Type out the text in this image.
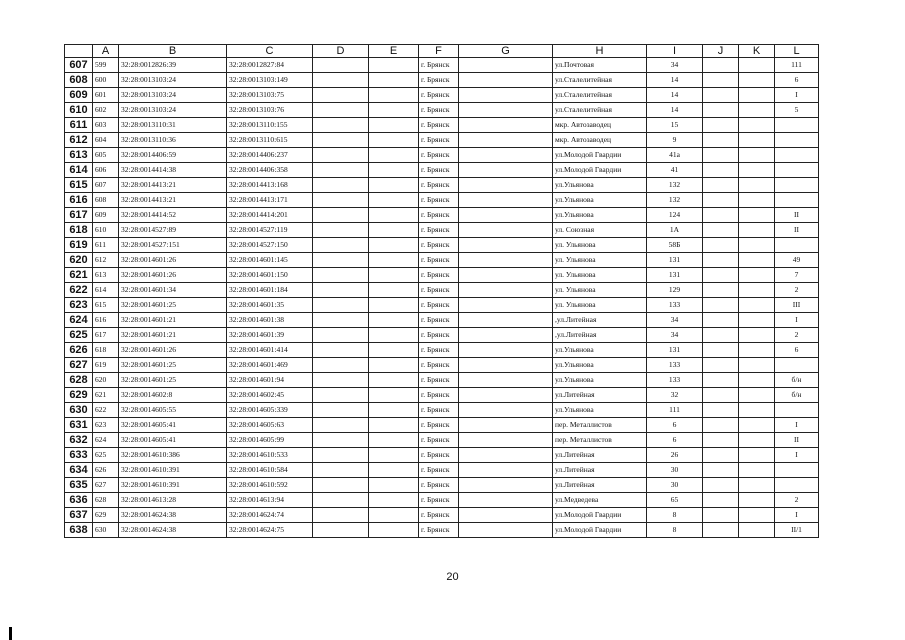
	A	B	C	D	E	F	G	H	I	J	K	L
607	599	32:28:0012826:39	32:28:0012827:84			г. Брянск		ул.Почтовая	34			111
608	600	32:28:0013103:24	32:28:0013103:149			г. Брянск		ул.Сталелитейная	14			6
609	601	32:28:0013103:24	32:28:0013103:75			г. Брянск		ул.Сталелитейная	14			I
610	602	32:28:0013103:24	32:28:0013103:76			г. Брянск		ул.Сталелитейная	14			5
611	603	32:28:0013110:31	32:28:0013110:155			г. Брянск		мкр. Автозаводец	15			
612	604	32:28:0013110:36	32:28:0013110:615			г. Брянск		мкр. Автозаводец	9			
613	605	32:28:0014406:59	32:28:0014406:237			г. Брянск		ул.Молодой Гвардии	41а			
614	606	32:28:0014414:38	32:28:0014406:358			г. Брянск		ул.Молодой Гвардии	41			
615	607	32:28:0014413:21	32:28:0014413:168			г. Брянск		ул.Ульянова	132			
616	608	32:28:0014413:21	32:28:0014413:171			г. Брянск		ул.Ульянова	132			
617	609	32:28:0014414:52	32:28:0014414:201			г. Брянск		ул.Ульянова	124			II
618	610	32:28:0014527:89	32:28:0014527:119			г. Брянск		ул. Союзная	1А			II
619	611	32:28:0014527:151	32:28:0014527:150			г. Брянск		ул. Ульянова	58Б			
620	612	32:28:0014601:26	32:28:0014601:145			г. Брянск		ул. Ульянова	131			49
621	613	32:28:0014601:26	32:28:0014601:150			г. Брянск		ул. Ульянова	131			7
622	614	32:28:0014601:34	32:28:0014601:184			г. Брянск		ул. Ульянова	129			2
623	615	32:28:0014601:25	32:28:0014601:35			г. Брянск		ул. Ульянова	133			III
624	616	32:28:0014601:21	32:28:0014601:38			г. Брянск		,ул.Литейная	34			I
625	617	32:28:0014601:21	32:28:0014601:39			г. Брянск		,ул.Литейная	34			2
626	618	32:28:0014601:26	32:28:0014601:414			г. Брянск		ул.Ульянова	131			6
627	619	32:28:0014601:25	32:28:0014601:469			г. Брянск		ул.Ульянова	133			
628	620	32:28:0014601:25	32:28:0014601:94			г. Брянск		ул.Ульянова	133			б/н
629	621	32:28:0014602:8	32:28:0014602:45			г. Брянск		ул.Литейная	32			б/н
630	622	32:28:0014605:55	32:28:0014605:339			г. Брянск		ул.Ульянова	111			
631	623	32:28:0014605:41	32:28:0014605:63			г. Брянск		пер. Металлистов	6			I
632	624	32:28:0014605:41	32:28:0014605:99			г. Брянск		пер. Металлистов	6			II
633	625	32:28:0014610:386	32:28:0014610:533			г. Брянск		ул.Литейная	26			I
634	626	32:28:0014610:391	32:28:0014610:584			г. Брянск		ул.Литейная	30			
635	627	32:28:0014610:391	32:28:0014610:592			г. Брянск		ул.Литейная	30			
636	628	32:28:0014613:28	32:28:0014613:94			г. Брянск		ул.Медведева	65			2
637	629	32:28:0014624:38	32:28:0014624:74			г. Брянск		ул.Молодой Гвардии	8			I
638	630	32:28:0014624:38	32:28:0014624:75			г. Брянск		ул.Молодой Гвардии	8			II/1
20
